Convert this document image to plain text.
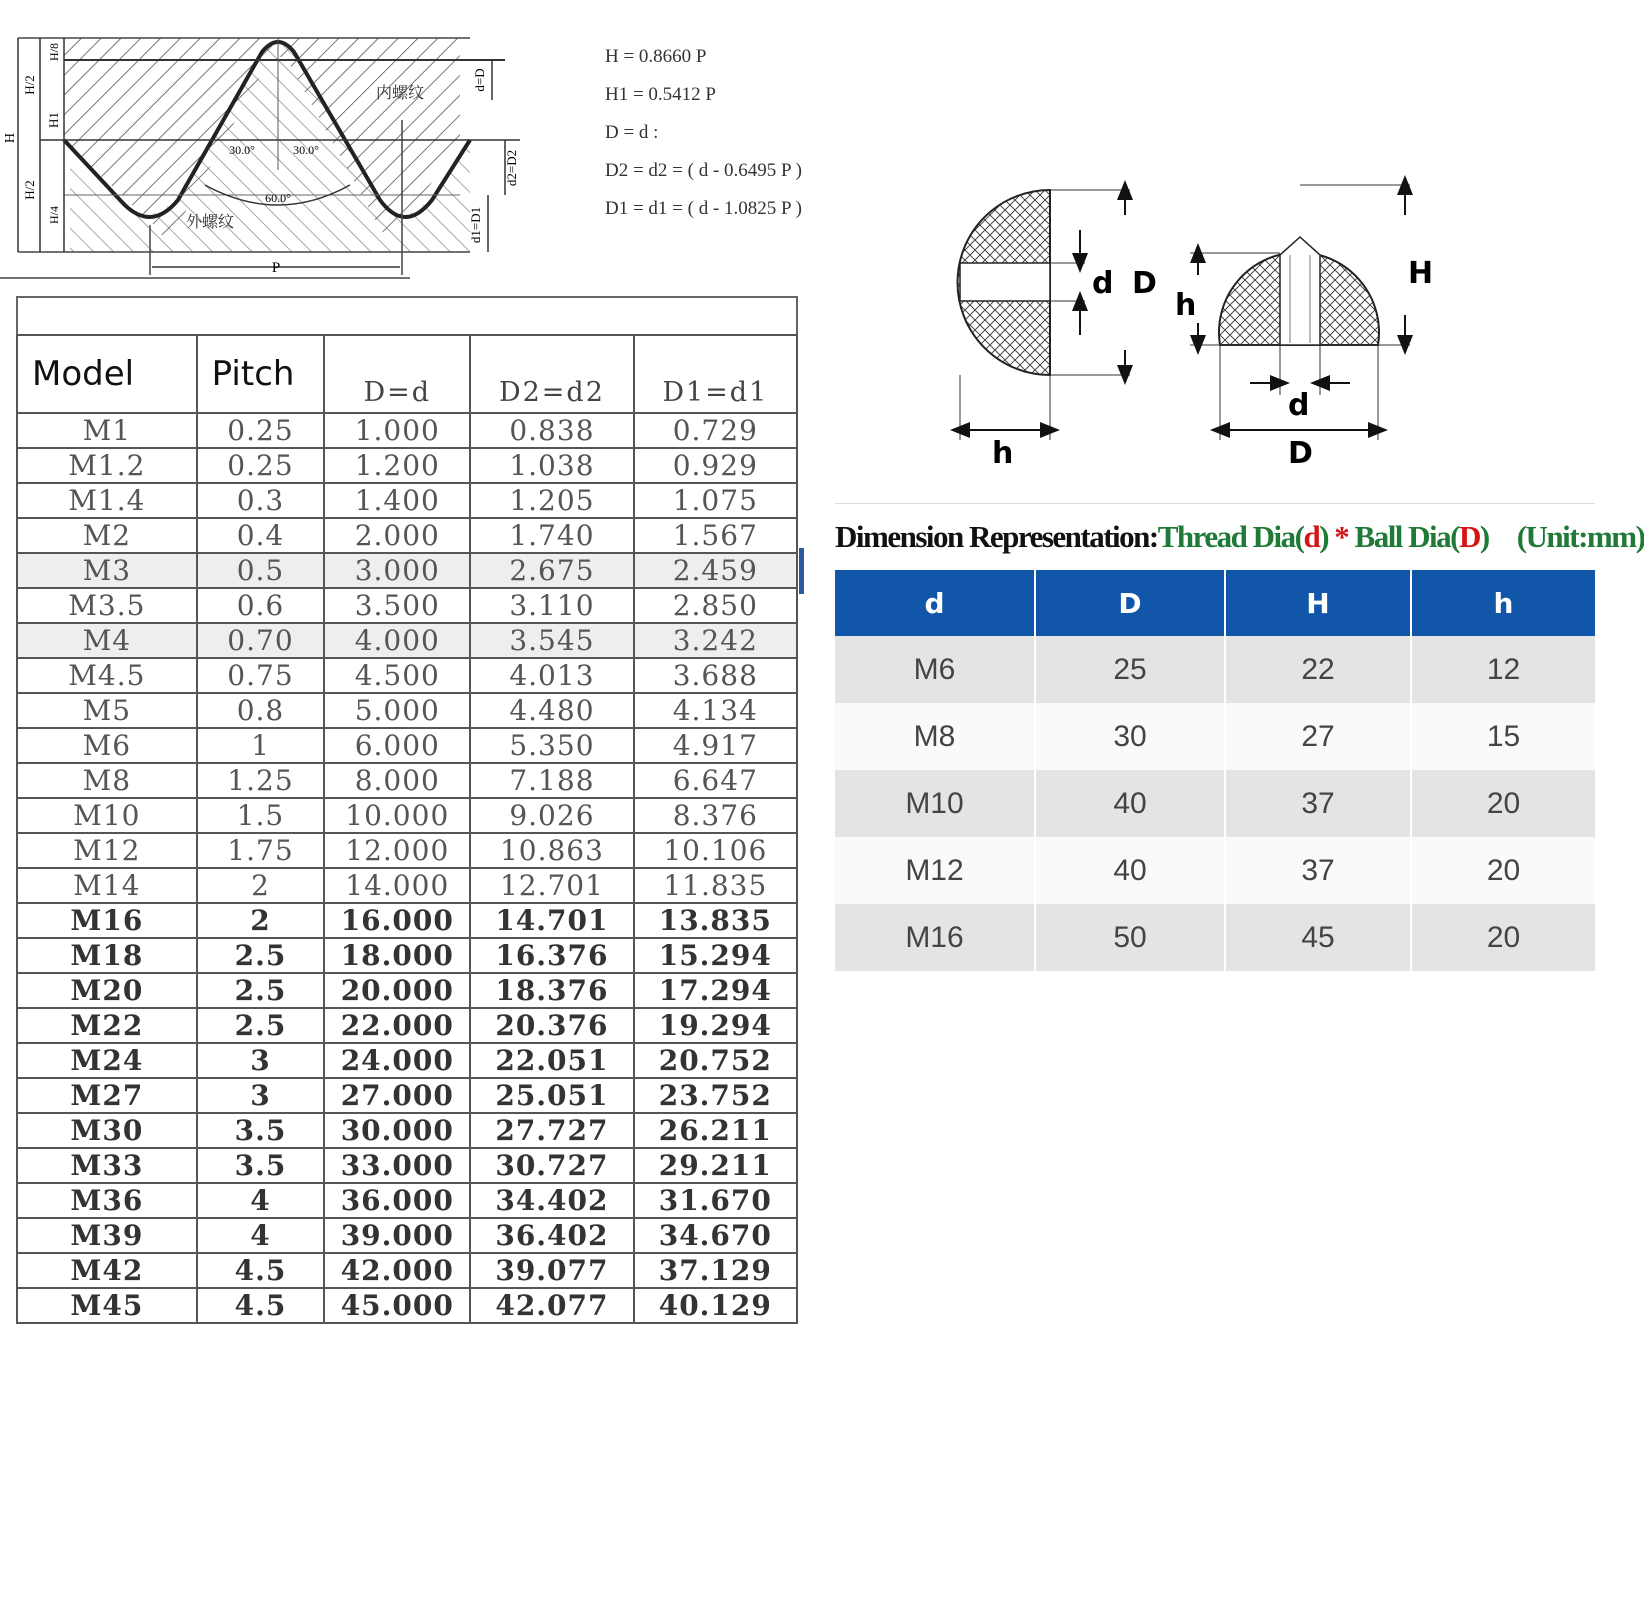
H
H/8
H/2
H1
H/2
H/4
内螺纹
外螺纹
30.0°	30.0°
60.0°
P
d=D
d2=D2
d1=D1
H = 0.8660 P
H1 = 0.5412 P
D = d :
D2 = d2 = ( d - 0.6495 P )
D1 = d1 = ( d - 1.0825 P )
Model	Pitch	D=d	D2=d2	D1=d1
M1	0.25	1.000	0.838	0.729
M1.2	0.25	1.200	1.038	0.929
M1.4	0.3	1.400	1.205	1.075
M2	0.4	2.000	1.740	1.567
M3	0.5	3.000	2.675	2.459
M3.5	0.6	3.500	3.110	2.850
M4	0.70	4.000	3.545	3.242
M4.5	0.75	4.500	4.013	3.688
M5	0.8	5.000	4.480	4.134
M6	1	6.000	5.350	4.917
M8	1.25	8.000	7.188	6.647
M10	1.5	10.000	9.026	8.376
M12	1.75	12.000	10.863	10.106
M14	2	14.000	12.701	11.835
M16	2	16.000	14.701	13.835
M18	2.5	18.000	16.376	15.294
M20	2.5	20.000	18.376	17.294
M22	2.5	22.000	20.376	19.294
M24	3	24.000	22.051	20.752
M27	3	27.000	25.051	23.752
M30	3.5	30.000	27.727	26.211
M33	3.5	33.000	30.727	29.211
M36	4	36.000	34.402	31.670
M39	4	39.000	36.402	34.670
M42	4.5	42.000	39.077	37.129
M45	4.5	45.000	42.077	40.129
d D
h
H
h
d
D
Dimension Representation:Thread Dia(d) * Ball Dia(D) (Unit:mm)
d	D	H	h
M6	25	22	12
M8	30	27	15
M10	40	37	20
M12	40	37	20
M16	50	45	20
